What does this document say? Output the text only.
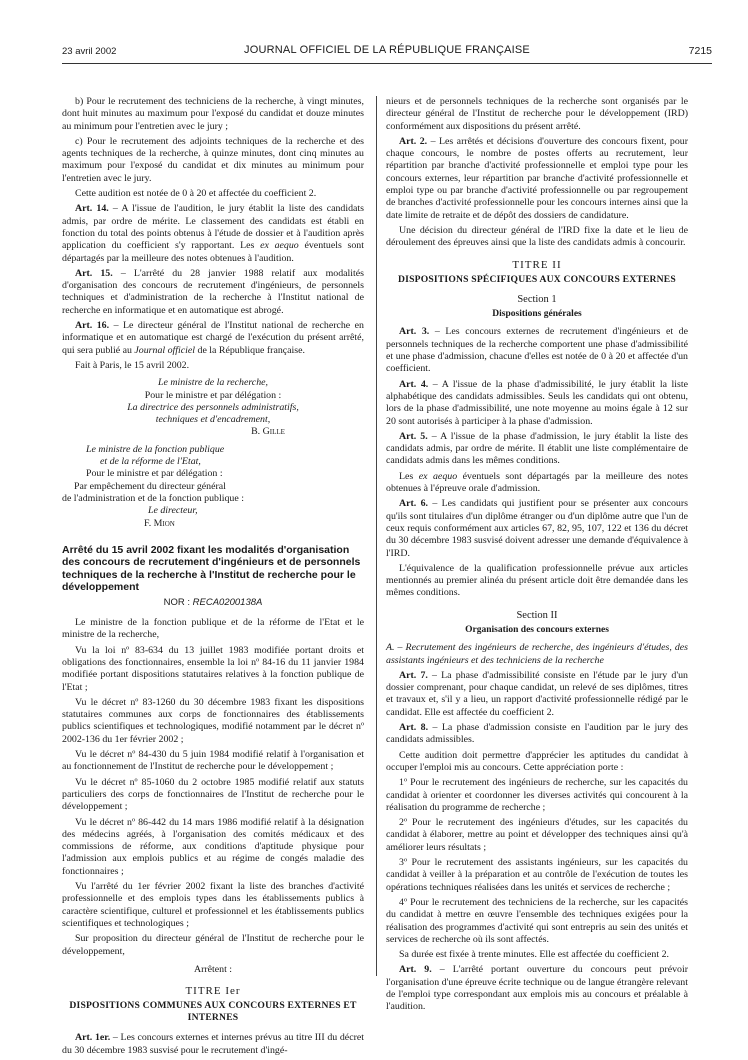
23 avril 2002	JOURNAL OFFICIEL DE LA RÉPUBLIQUE FRANÇAISE	7215

b) Pour le recrutement des techniciens de la recherche, à vingt minutes, dont huit minutes au maximum pour l'exposé du candidat et douze minutes au minimum pour l'entretien avec le jury ;

c) Pour le recrutement des adjoints techniques de la recherche et des agents techniques de la recherche, à quinze minutes, dont cinq minutes au maximum pour l'exposé du candidat et dix minutes au minimum pour l'entretien avec le jury.

Cette audition est notée de 0 à 20 et affectée du coefficient 2.

Art. 14. – A l'issue de l'audition, le jury établit la liste des candidats admis, par ordre de mérite. Le classement des candidats est établi en fonction du total des points obtenus à l'étude de dossier et à l'audition après application du coefficient s'y rapportant. Les ex aequo éventuels sont départagés par la meilleure des notes obtenues à l'audition.

Art. 15. – L'arrêté du 28 janvier 1988 relatif aux modalités d'organisation des concours de recrutement d'ingénieurs, de personnels techniques et d'administration de la recherche à l'Institut national de recherche en informatique et en automatique est abrogé.

Art. 16. – Le directeur général de l'Institut national de recherche en informatique et en automatique est chargé de l'exécution du présent arrêté, qui sera publié au Journal officiel de la République française.

Fait à Paris, le 15 avril 2002.

Le ministre de la recherche,

Pour le ministre et par délégation :

La directrice des personnels administratifs,

techniques et d'encadrement,

B. Gille

Le ministre de la fonction publique

et de la réforme de l'Etat,

Pour le ministre et par délégation :

Par empêchement du directeur général

de l'administration et de la fonction publique :

Le directeur,

F. Mion

Arrêté du 15 avril 2002 fixant les modalités d'organisation des concours de recrutement d'ingénieurs et de personnels techniques de la recherche à l'Institut de recherche pour le développement

NOR : RECA0200138A

Le ministre de la fonction publique et de la réforme de l'Etat et le ministre de la recherche,

Vu la loi nº 83-634 du 13 juillet 1983 modifiée portant droits et obligations des fonctionnaires, ensemble la loi nº 84-16 du 11 janvier 1984 modifiée portant dispositions statutaires relatives à la fonction publique de l'Etat ;

Vu le décret nº 83-1260 du 30 décembre 1983 fixant les dispositions statutaires communes aux corps de fonctionnaires des établissements publics scientifiques et technologiques, modifié notamment par le décret nº 2002-136 du 1er février 2002 ;

Vu le décret nº 84-430 du 5 juin 1984 modifié relatif à l'organisation et au fonctionnement de l'Institut de recherche pour le développement ;

Vu le décret nº 85-1060 du 2 octobre 1985 modifié relatif aux statuts particuliers des corps de fonctionnaires de l'Institut de recherche pour le développement ;

Vu le décret nº 86-442 du 14 mars 1986 modifié relatif à la désignation des médecins agréés, à l'organisation des comités médicaux et des commissions de réforme, aux conditions d'aptitude physique pour l'admission aux emplois publics et au régime de congés maladie des fonctionnaires ;

Vu l'arrêté du 1er février 2002 fixant la liste des branches d'activité professionnelle et des emplois types dans les établissements publics à caractère scientifique, culturel et professionnel et les établissements publics scientifiques et technologiques ;

Sur proposition du directeur général de l'Institut de recherche pour le développement,

Arrêtent :

TITRE Ier

DISPOSITIONS COMMUNES AUX CONCOURS EXTERNES ET INTERNES

Art. 1er. – Les concours externes et internes prévus au titre III du décret du 30 décembre 1983 susvisé pour le recrutement d'ingé-

nieurs et de personnels techniques de la recherche sont organisés par le directeur général de l'Institut de recherche pour le développement (IRD) conformément aux dispositions du présent arrêté.

Art. 2. – Les arrêtés et décisions d'ouverture des concours fixent, pour chaque concours, le nombre de postes offerts au recrutement, leur répartition par branche d'activité professionnelle et emploi type pour les concours externes, leur répartition par branche d'activité professionnelle et emploi type ou par branche d'activité professionnelle ou par regroupement de branches d'activité professionnelle pour les concours internes ainsi que la date limite de retraite et de dépôt des dossiers de candidature.

Une décision du directeur général de l'IRD fixe la date et le lieu de déroulement des épreuves ainsi que la liste des candidats admis à concourir.

TITRE II

DISPOSITIONS SPÉCIFIQUES AUX CONCOURS EXTERNES

Section 1

Dispositions générales

Art. 3. – Les concours externes de recrutement d'ingénieurs et de personnels techniques de la recherche comportent une phase d'admissibilité et une phase d'admission, chacune d'elles est notée de 0 à 20 et affectée d'un coefficient.

Art. 4. – A l'issue de la phase d'admissibilité, le jury établit la liste alphabétique des candidats admissibles. Seuls les candidats qui ont obtenu, lors de la phase d'admissibilité, une note moyenne au moins égale à 12 sur 20 sont autorisés à participer à la phase d'admission.

Art. 5. – A l'issue de la phase d'admission, le jury établit la liste des candidats admis, par ordre de mérite. Il établit une liste complémentaire de candidats admis dans les mêmes conditions.

Les ex aequo éventuels sont départagés par la meilleure des notes obtenues à l'épreuve orale d'admission.

Art. 6. – Les candidats qui justifient pour se présenter aux concours qu'ils sont titulaires d'un diplôme étranger ou d'un diplôme autre que l'un de ceux requis conformément aux articles 67, 82, 95, 107, 122 et 136 du décret du 30 décembre 1983 susvisé doivent adresser une demande d'équivalence à l'IRD.

L'équivalence de la qualification professionnelle prévue aux articles mentionnés au premier alinéa du présent article doit être demandée dans les mêmes conditions.

Section II

Organisation des concours externes

A. – Recrutement des ingénieurs de recherche, des ingénieurs d'études, des assistants ingénieurs et des techniciens de la recherche

Art. 7. – La phase d'admissibilité consiste en l'étude par le jury d'un dossier comprenant, pour chaque candidat, un relevé de ses diplômes, titres et travaux et, s'il y a lieu, un rapport d'activité professionnelle rédigé par le candidat. Elle est affectée du coefficient 2.

Art. 8. – La phase d'admission consiste en l'audition par le jury des candidats admissibles.

Cette audition doit permettre d'apprécier les aptitudes du candidat à occuper l'emploi mis au concours. Cette appréciation porte :

1º Pour le recrutement des ingénieurs de recherche, sur les capacités du candidat à orienter et coordonner les diverses activités qui concourent à la réalisation du programme de recherche ;

2º Pour le recrutement des ingénieurs d'études, sur les capacités du candidat à élaborer, mettre au point et développer des techniques ainsi qu'à améliorer leurs résultats ;

3º Pour le recrutement des assistants ingénieurs, sur les capacités du candidat à veiller à la préparation et au contrôle de l'exécution de toutes les opérations techniques réalisées dans les unités et services de recherche ;

4º Pour le recrutement des techniciens de la recherche, sur les capacités du candidat à mettre en œuvre l'ensemble des techniques exigées pour la réalisation des programmes d'activité qui sont entrepris au sein des unités et services de recherche où ils sont affectés.

Sa durée est fixée à trente minutes. Elle est affectée du coefficient 2.

Art. 9. – L'arrêté portant ouverture du concours peut prévoir l'organisation d'une épreuve écrite technique ou de langue étrangère relevant de l'emploi type correspondant aux emplois mis au concours et préalable à l'audition.
